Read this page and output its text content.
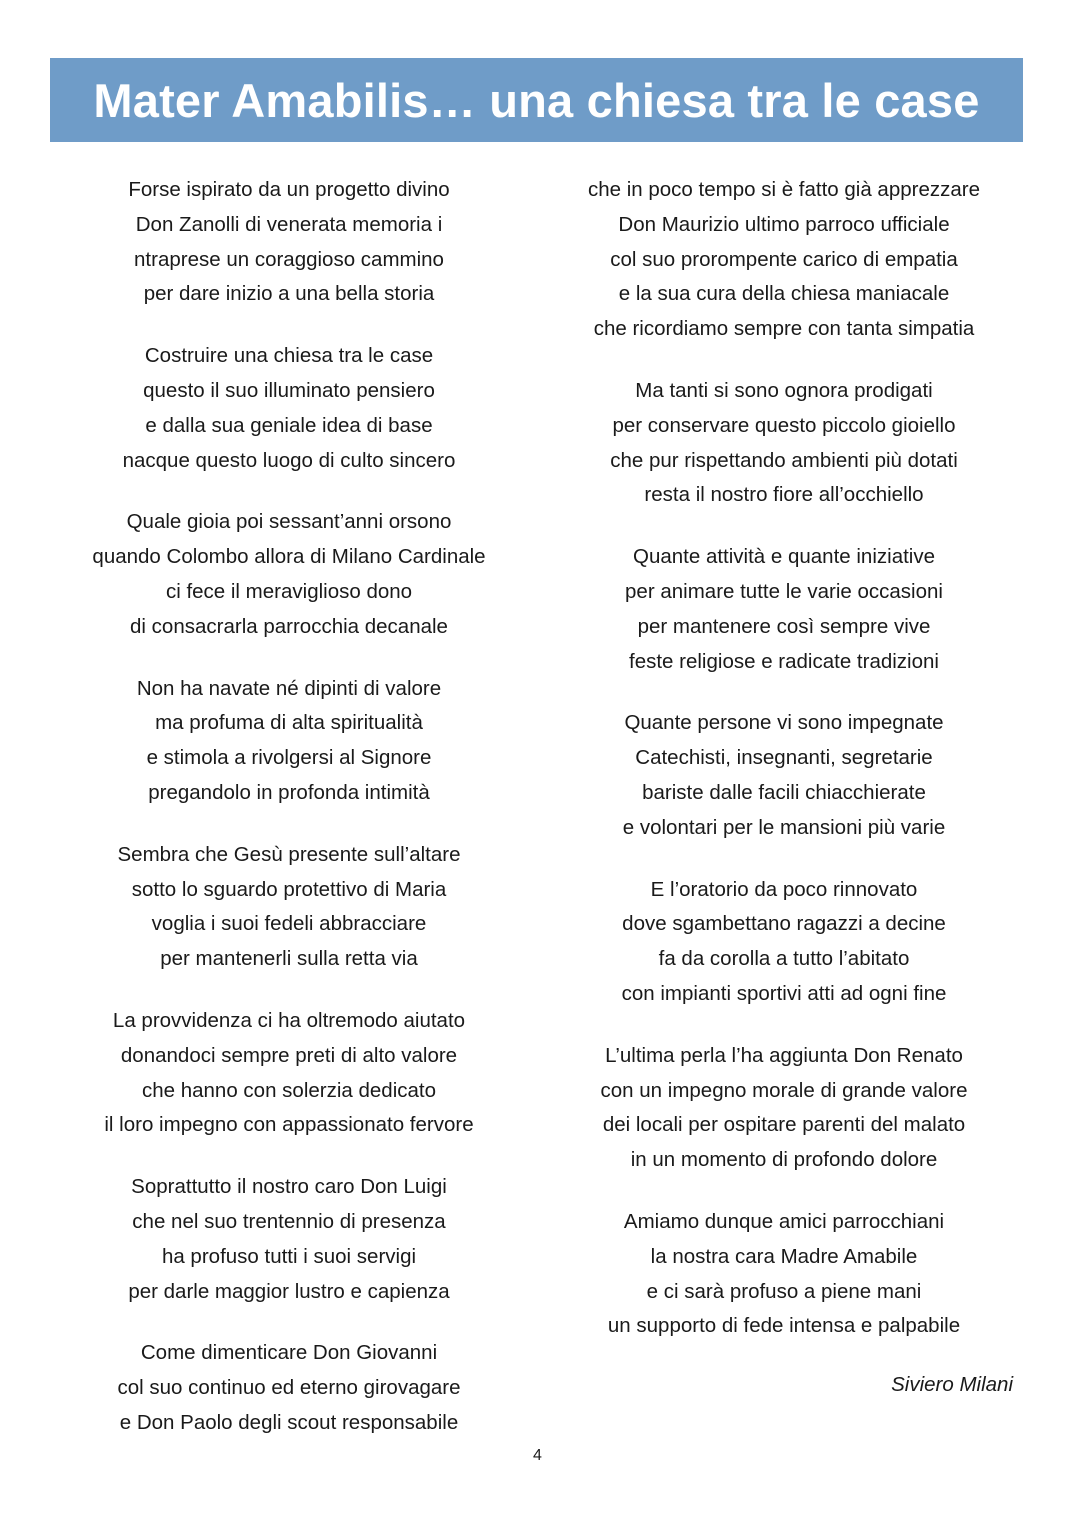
Mater Amabilis… una chiesa tra le case
Forse ispirato da un progetto divino
Don Zanolli di venerata memoria i
ntraprese un coraggioso cammino
per dare inizio a una bella storia
Costruire una chiesa tra le case
questo il suo illuminato pensiero
e dalla sua geniale idea di base
nacque questo luogo di culto sincero
Quale gioia poi sessant’anni orsono
quando Colombo allora di Milano Cardinale
ci fece il meraviglioso dono
di consacrarla parrocchia decanale
Non ha navate né dipinti di valore
ma profuma di alta spiritualità
e stimola a rivolgersi al Signore
pregandolo in profonda intimità
Sembra che Gesù presente sull’altare
sotto lo sguardo protettivo di Maria
voglia i suoi fedeli abbracciare
per mantenerli sulla retta via
La provvidenza ci ha oltremodo aiutato
donandoci sempre preti di alto valore
che hanno con solerzia dedicato
il loro impegno con appassionato fervore
Soprattutto il nostro caro Don Luigi
che nel suo trentennio di presenza
ha profuso tutti i suoi servigi
per darle maggior lustro e capienza
Come dimenticare Don Giovanni
col suo continuo ed eterno girovagare
e Don Paolo degli scout responsabile
che in poco tempo si è fatto già apprezzare
Don Maurizio ultimo parroco ufficiale
col suo prorompente carico di empatia
e la sua cura della chiesa maniacale
che ricordiamo sempre con tanta simpatia
Ma tanti si sono ognora prodigati
per conservare questo piccolo gioiello
che pur rispettando ambienti più dotati
resta il nostro fiore all’occhiello
Quante attività e quante iniziative
per animare tutte le varie occasioni
per mantenere così sempre vive
feste religiose e radicate tradizioni
Quante persone vi sono impegnate
Catechisti, insegnanti, segretarie
bariste dalle facili chiacchierate
e volontari per le mansioni più varie
E l’oratorio da poco rinnovato
dove sgambettano ragazzi a decine
fa da corolla a tutto l’abitato
con impianti sportivi atti ad ogni fine
L’ultima perla l’ha aggiunta Don Renato
con un impegno morale di grande valore
dei locali per ospitare parenti del malato
in un momento di profondo dolore
Amiamo dunque amici parrocchiani
la nostra cara Madre Amabile
e ci sarà profuso a piene mani
un supporto di fede intensa e palpabile
Siviero Milani
4
